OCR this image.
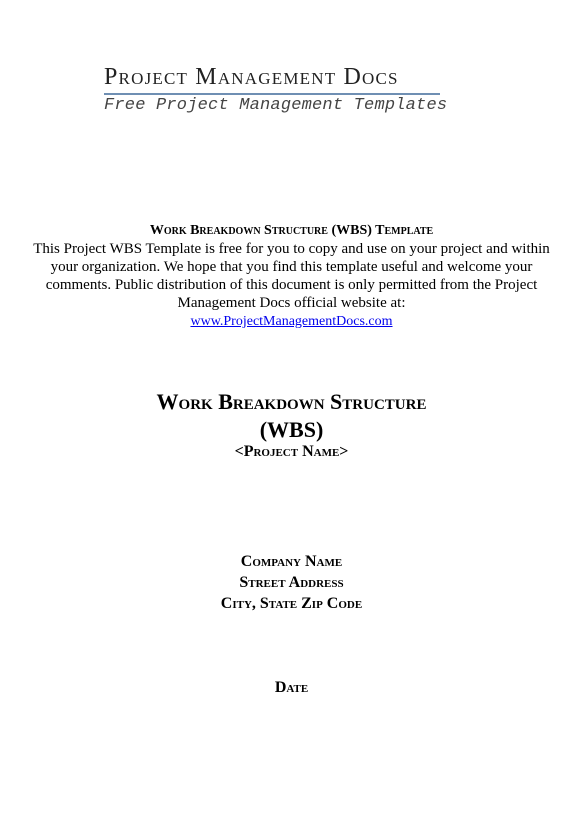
Project Management Docs
Free Project Management Templates
Work Breakdown Structure (WBS) Template

This Project WBS Template is free for you to copy and use on your project and within your organization. We hope that you find this template useful and welcome your comments. Public distribution of this document is only permitted from the Project Management Docs official website at:

www.ProjectManagementDocs.com
Work Breakdown Structure
(WBS)
<Project Name>
Company Name
Street Address
City, State Zip Code
Date
